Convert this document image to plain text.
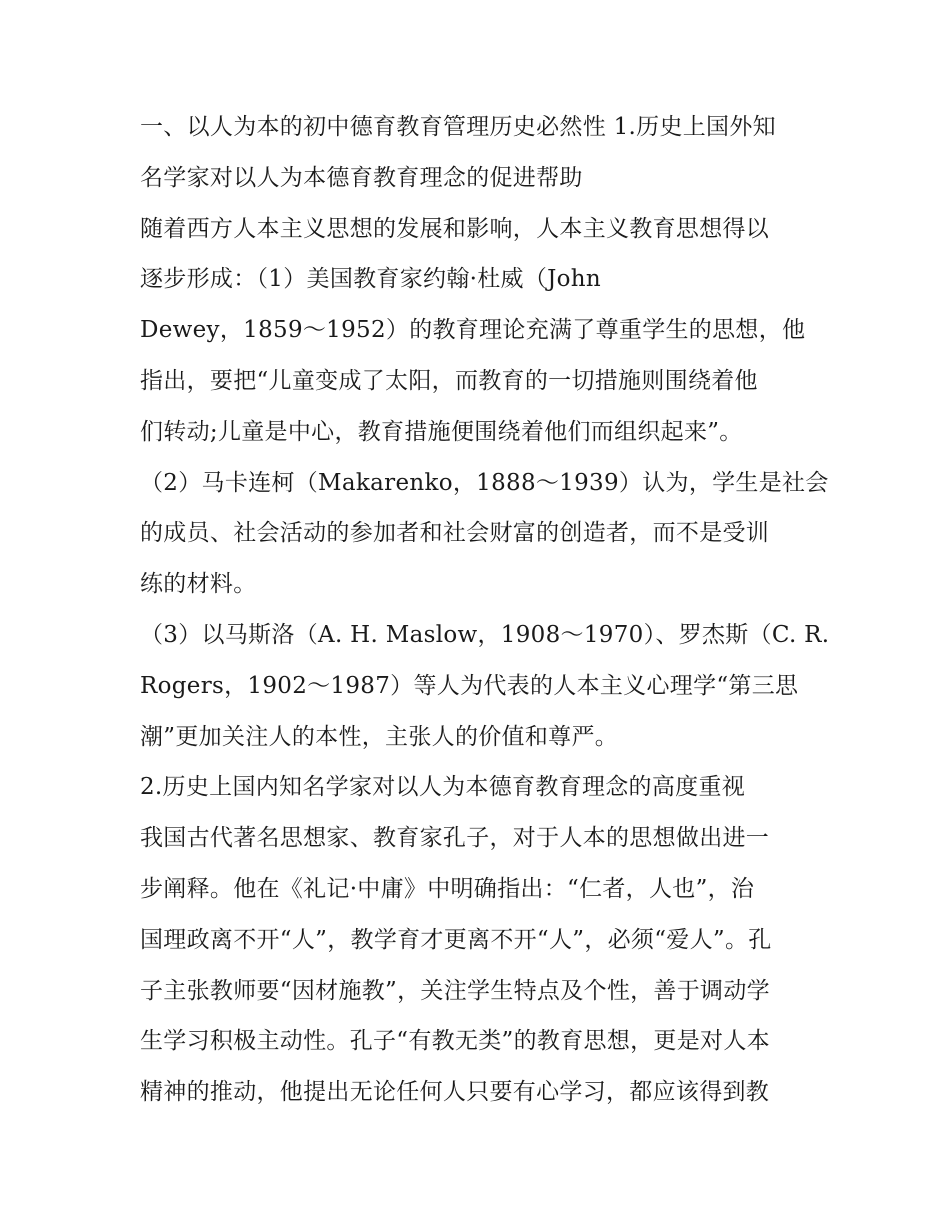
一、以人为本的初中德育教育管理历史必然性 1.历史上国外知
名学家对以人为本德育教育理念的促进帮助
随着西方人本主义思想的发展和影响，人本主义教育思想得以
逐步形成：（1）美国教育家约翰·杜威（John
Dewey，1859～1952）的教育理论充满了尊重学生的思想，他
指出，要把“儿童变成了太阳，而教育的一切措施则围绕着他
们转动;儿童是中心，教育措施便围绕着他们而组织起来”。
（2）马卡连柯（Makarenko，1888～1939）认为，学生是社会
的成员、社会活动的参加者和社会财富的创造者，而不是受训
练的材料。
（3）以马斯洛（A. H. Maslow，1908～1970）、罗杰斯（C. R.
Rogers，1902～1987）等人为代表的人本主义心理学“第三思
潮”更加关注人的本性，主张人的价值和尊严。
2.历史上国内知名学家对以人为本德育教育理念的高度重视
我国古代著名思想家、教育家孔子，对于人本的思想做出进一
步阐释。他在《礼记·中庸》中明确指出：“仁者，人也”，治
国理政离不开“人”，教学育才更离不开“人”，必须“爱人”。孔
子主张教师要“因材施教”，关注学生特点及个性，善于调动学
生学习积极主动性。孔子“有教无类”的教育思想，更是对人本
精神的推动，他提出无论任何人只要有心学习，都应该得到教
